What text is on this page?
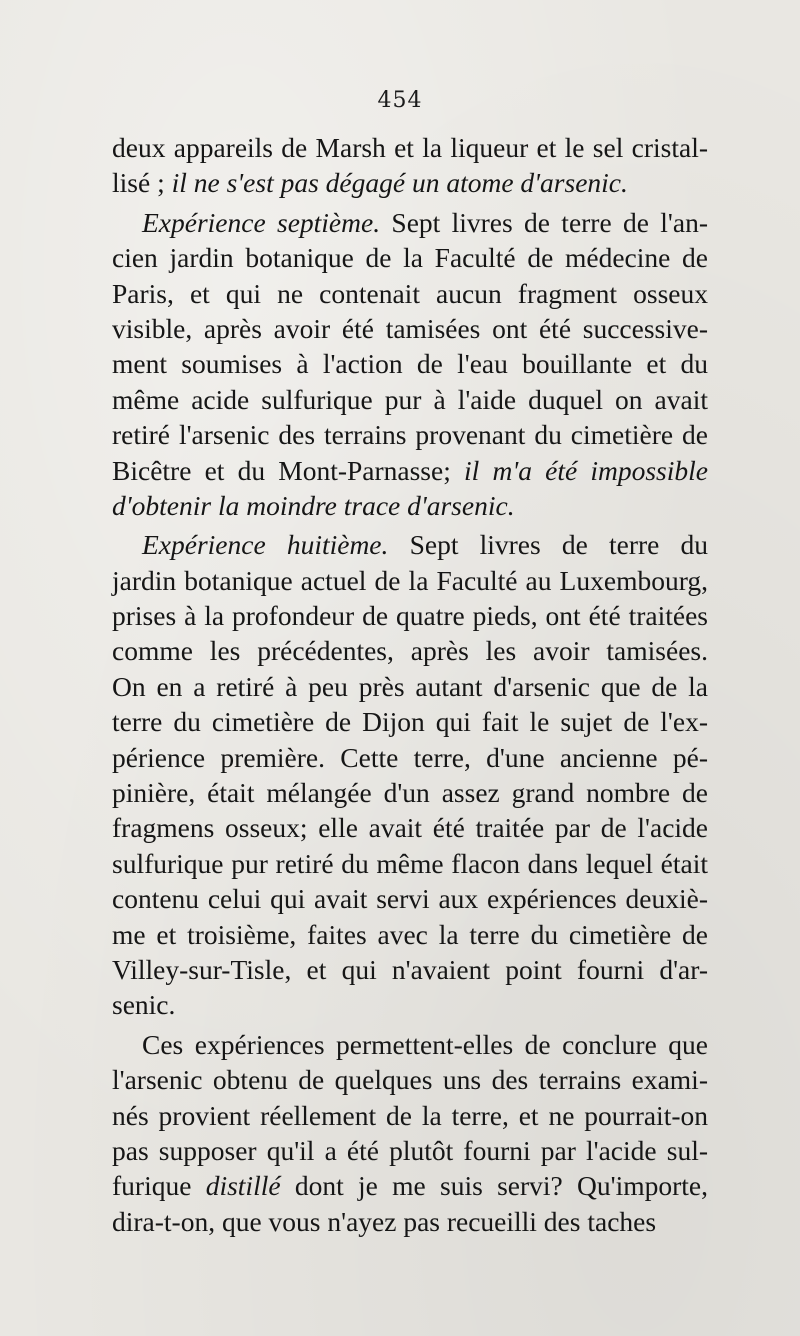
454
deux appareils de Marsh et la liqueur et le sel cristal-
lisé ; il ne s'est pas dégagé un atome d'arsenic.
Expérience septième. Sept livres de terre de l'an-
cien jardin botanique de la Faculté de médecine de
Paris, et qui ne contenait aucun fragment osseux
visible, après avoir été tamisées ont été successive-
ment soumises à l'action de l'eau bouillante et du
même acide sulfurique pur à l'aide duquel on avait
retiré l'arsenic des terrains provenant du cimetière de
Bicêtre et du Mont-Parnasse; il m'a été impossible
d'obtenir la moindre trace d'arsenic.
Expérience huitième. Sept livres de terre du
jardin botanique actuel de la Faculté au Luxembourg,
prises à la profondeur de quatre pieds, ont été traitées
comme les précédentes, après les avoir tamisées.
On en a retiré à peu près autant d'arsenic que de la
terre du cimetière de Dijon qui fait le sujet de l'ex-
périence première. Cette terre, d'une ancienne pé-
pinière, était mélangée d'un assez grand nombre de
fragmens osseux; elle avait été traitée par de l'acide
sulfurique pur retiré du même flacon dans lequel était
contenu celui qui avait servi aux expériences deuxiè-
me et troisième, faites avec la terre du cimetière de
Villey-sur-Tisle, et qui n'avaient point fourni d'ar-
senic.
Ces expériences permettent-elles de conclure que
l'arsenic obtenu de quelques uns des terrains exami-
nés provient réellement de la terre, et ne pourrait-on
pas supposer qu'il a été plutôt fourni par l'acide sul-
furique distillé dont je me suis servi? Qu'importe,
dira-t-on, que vous n'ayez pas recueilli des taches
